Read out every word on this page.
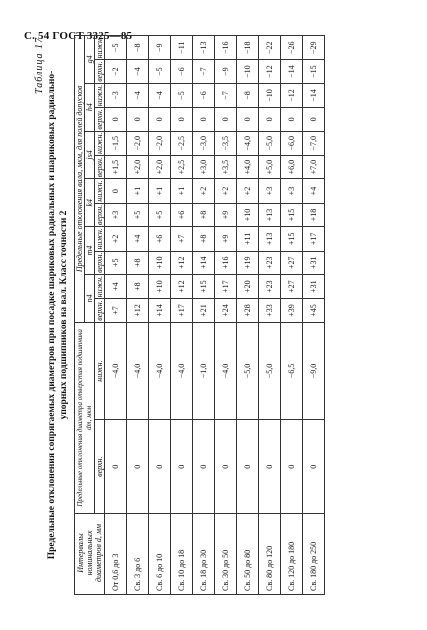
С. 54 ГОСТ 3325—85
Таблица 17
Предельные отклонения сопрягаемых диаметров при посадке шариковых радиальных и шариковых радиально- упорных подшипников на вал. Класс точности 2
Интервалы номинальных диаметров d, мм	Предельные отклонения диаметра отверстия подшипника dm, мкм		Предельные отклонения вала, мкм, для полей допусков											
			n4		m4		k4		js4		h4		g4	
	верхн.	нижн.	верхн.	нижн.	верхн.	нижн.	верхн.	нижн.	верхн.	нижн.	верхн.	нижн.	верхн.	нижн.
От 0,6 до 3	0	−4,0	+7	+4	+5	+2	+3	0	+1,5	−1,5	0	−3	−2	−5
Св. 3 до 6	0	−4,0	+12	+8	+8	+4	+5	+1	+2,0	−2,0	0	−4	−4	−8
Св. 6 до 10	0	−4,0	+14	+10	+10	+6	+5	+1	+2,0	−2,0	0	−4	−5	−9
Св. 10 до 18	0	−4,0	+17	+12	+12	+7	+6	+1	+2,5	−2,5	0	−5	−6	−11
Св. 18 до 30	0	−1,0	+21	+15	+14	+8	+8	+2	+3,0	−3,0	0	−6	−7	−13
Св. 30 до 50	0	−4,0	+24	+17	+16	+9	+9	+2	+3,5	−3,5	0	−7	−9	−16
Св. 50 до 80	0	−5,0	+28	+20	+19	+11	+10	+2	+4,0	−4,0	0	−8	−10	−18
Св. 80 до 120	0	−5,0	+33	+23	+23	+13	+13	+3	+5,0	−5,0	0	−10	−12	−22
Св. 120 до 180	0	−6,5	+39	+27	+27	+15	+15	+3	+6,0	−6,0	0	−12	−14	−26
Св. 180 до 250	0	−9,0	+45	+31	+31	+17	+18	+4	+7,0	−7,0	0	−14	−15	−29
